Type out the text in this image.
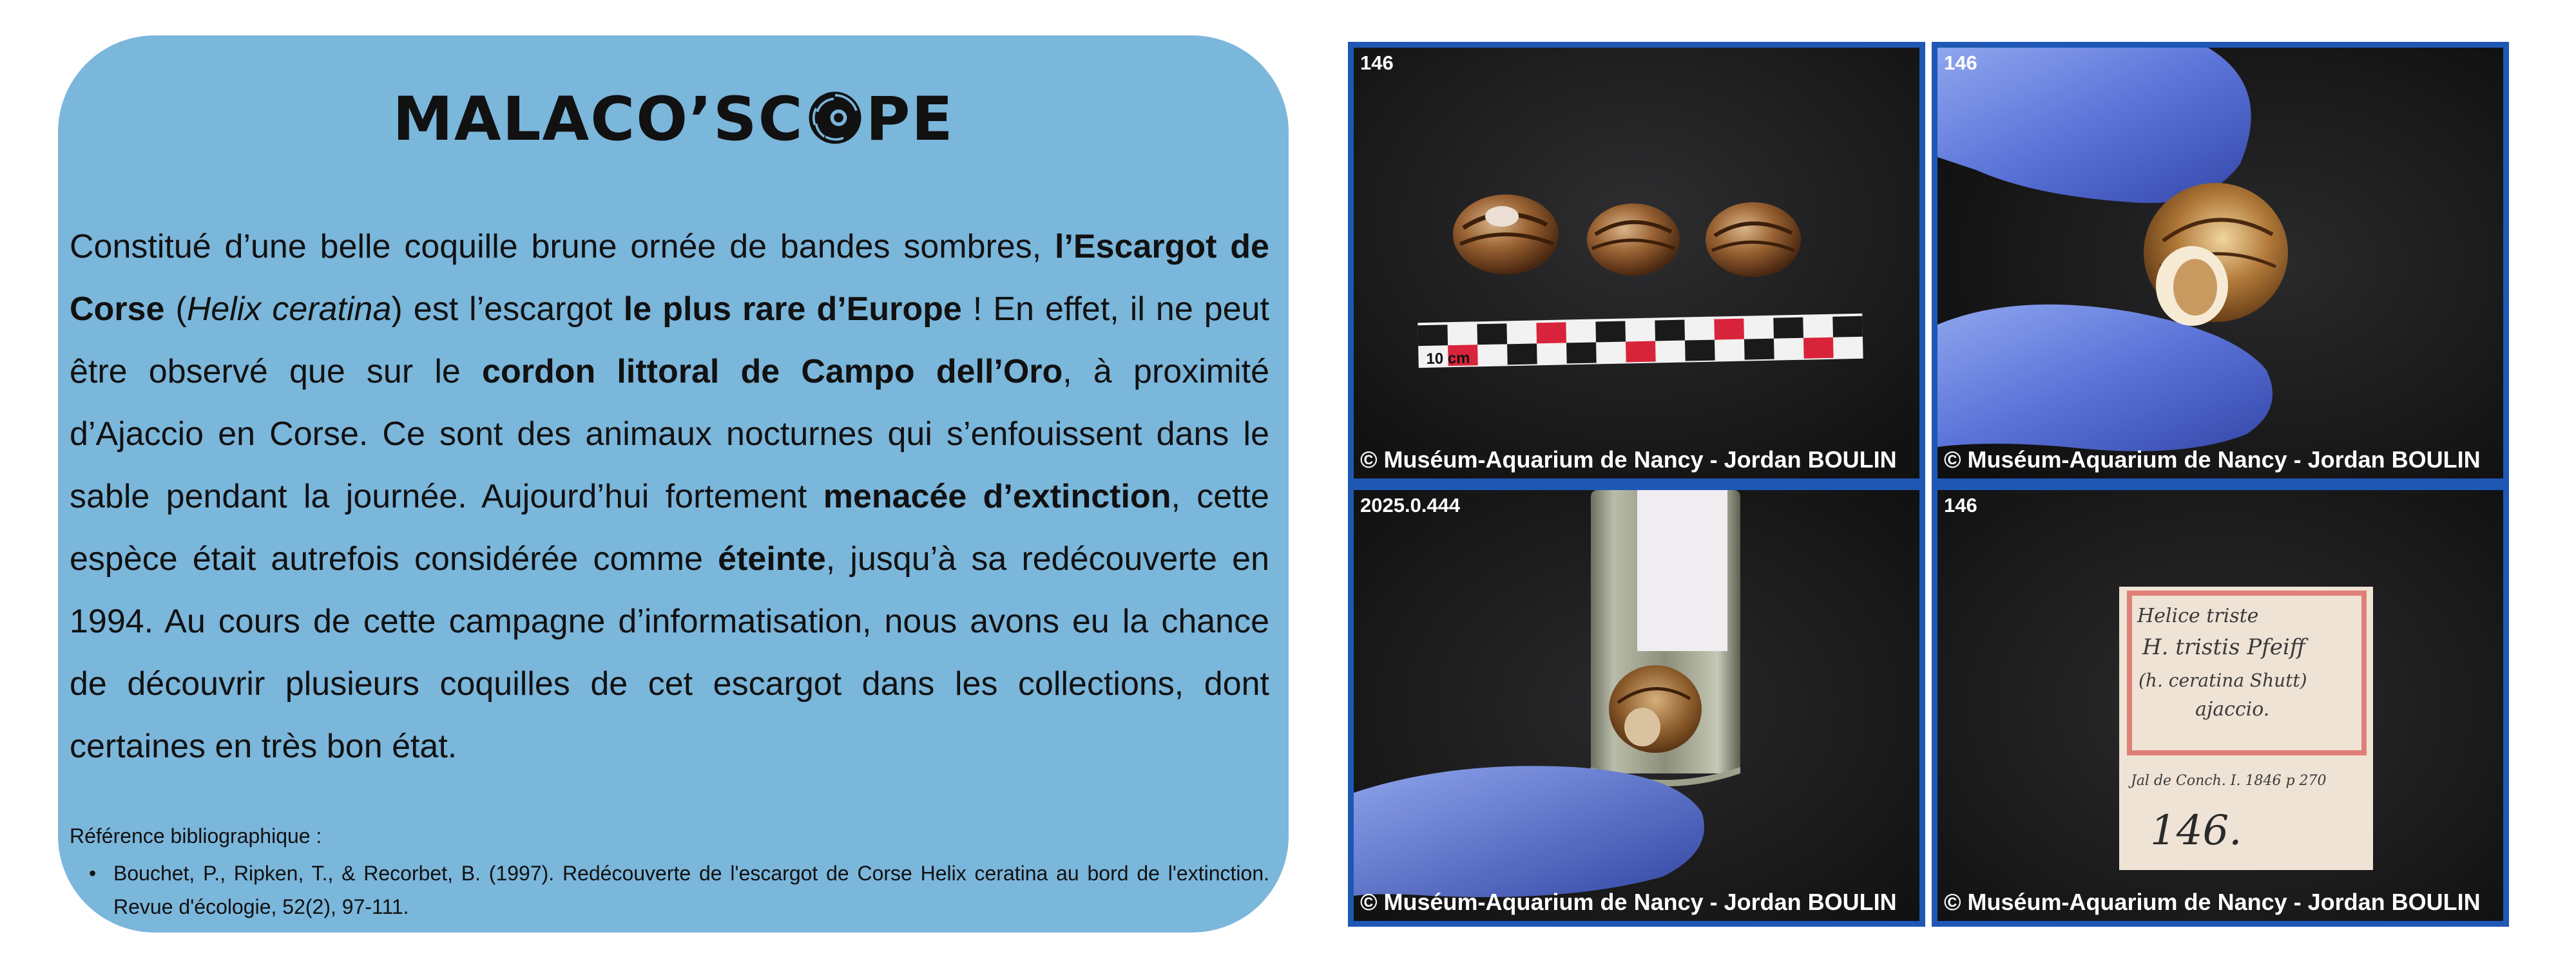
MALACO’SC PE
Constitué d’une belle coquille brune ornée de bandes sombres, l’Escargot de Corse (Helix ceratina) est l’escargot le plus rare d’Europe ! En effet, il ne peut être observé que sur le cordon littoral de Campo dell’Oro, à proximité d’Ajaccio en Corse. Ce sont des animaux nocturnes qui s’enfouissent dans le sable pendant la journée. Aujourd’hui fortement menacée d’extinction, cette espèce était autrefois considérée comme éteinte, jusqu’à sa redécouverte en 1994. Au cours de cette campagne d’informatisation, nous avons eu la chance de découvrir plusieurs coquilles de cet escargot dans les collections, dont certaines en très bon état.
Référence bibliographique :
• Bouchet, P., Ripken, T., & Recorbet, B. (1997). Redécouverte de l'escargot de Corse Helix ceratina au bord de l'extinction. Revue d'écologie, 52(2), 97-111.
10 cm
146
© Muséum-Aquarium de Nancy - Jordan BOULIN
146
© Muséum-Aquarium de Nancy - Jordan BOULIN
2025.0.444
© Muséum-Aquarium de Nancy - Jordan BOULIN
Helice triste
H. tristis Pfeiff
(h. ceratina Shutt)
ajaccio.
Jal de Conch. I. 1846 p 270
146.
146
© Muséum-Aquarium de Nancy - Jordan BOULIN
